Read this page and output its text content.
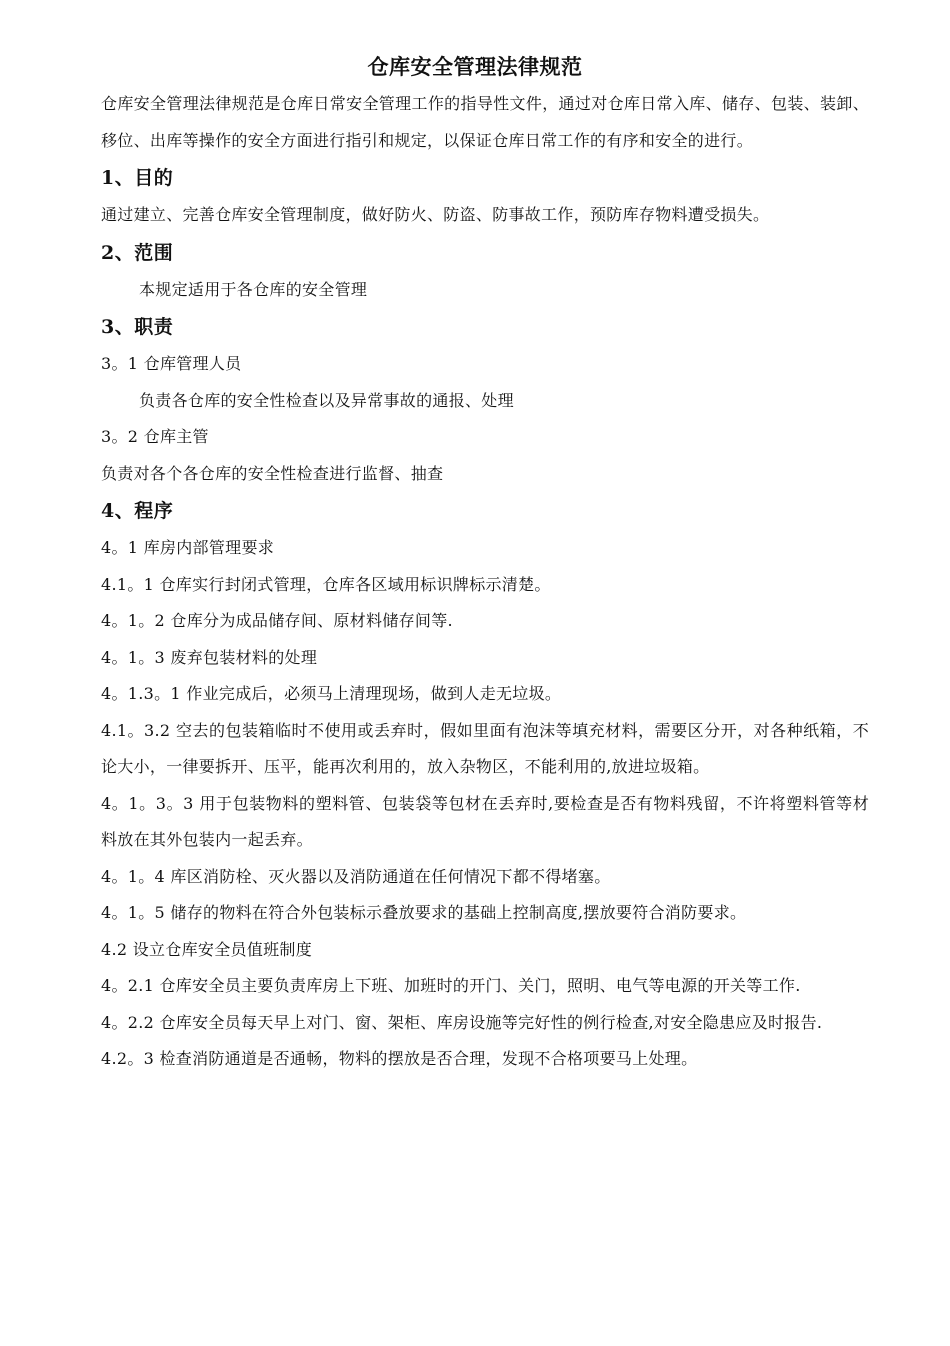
仓库安全管理法律规范

仓库安全管理法律规范是仓库日常安全管理工作的指导性文件，通过对仓库日常入库、储存、包装、装卸、移位、出库等操作的安全方面进行指引和规定，以保证仓库日常工作的有序和安全的进行。

1、目的

通过建立、完善仓库安全管理制度，做好防火、防盗、防事故工作，预防库存物料遭受损失。

2、范围

本规定适用于各仓库的安全管理

3、职责

3。1 仓库管理人员

负责各仓库的安全性检查以及异常事故的通报、处理

3。2 仓库主管

负责对各个各仓库的安全性检查进行监督、抽查

4、程序

4。1 库房内部管理要求

4.1。1 仓库实行封闭式管理，仓库各区域用标识牌标示清楚。

4。1。2 仓库分为成品储存间、原材料储存间等.

4。1。3 废弃包装材料的处理

4。1.3。1 作业完成后，必须马上清理现场，做到人走无垃圾。

4.1。3.2 空去的包装箱临时不使用或丢弃时，假如里面有泡沫等填充材料，需要区分开，对各种纸箱，不论大小，一律要拆开、压平，能再次利用的，放入杂物区，不能利用的,放进垃圾箱。

4。1。3。3 用于包装物料的塑料管、包装袋等包材在丢弃时,要检查是否有物料残留，不许将塑料管等材料放在其外包装内一起丢弃。

4。1。4 库区消防栓、灭火器以及消防通道在任何情况下都不得堵塞。

4。1。5 储存的物料在符合外包装标示叠放要求的基础上控制高度,摆放要符合消防要求。

4.2 设立仓库安全员值班制度

4。2.1 仓库安全员主要负责库房上下班、加班时的开门、关门，照明、电气等电源的开关等工作.

4。2.2 仓库安全员每天早上对门、窗、架柜、库房设施等完好性的例行检查,对安全隐患应及时报告.

4.2。3 检查消防通道是否通畅，物料的摆放是否合理，发现不合格项要马上处理。
